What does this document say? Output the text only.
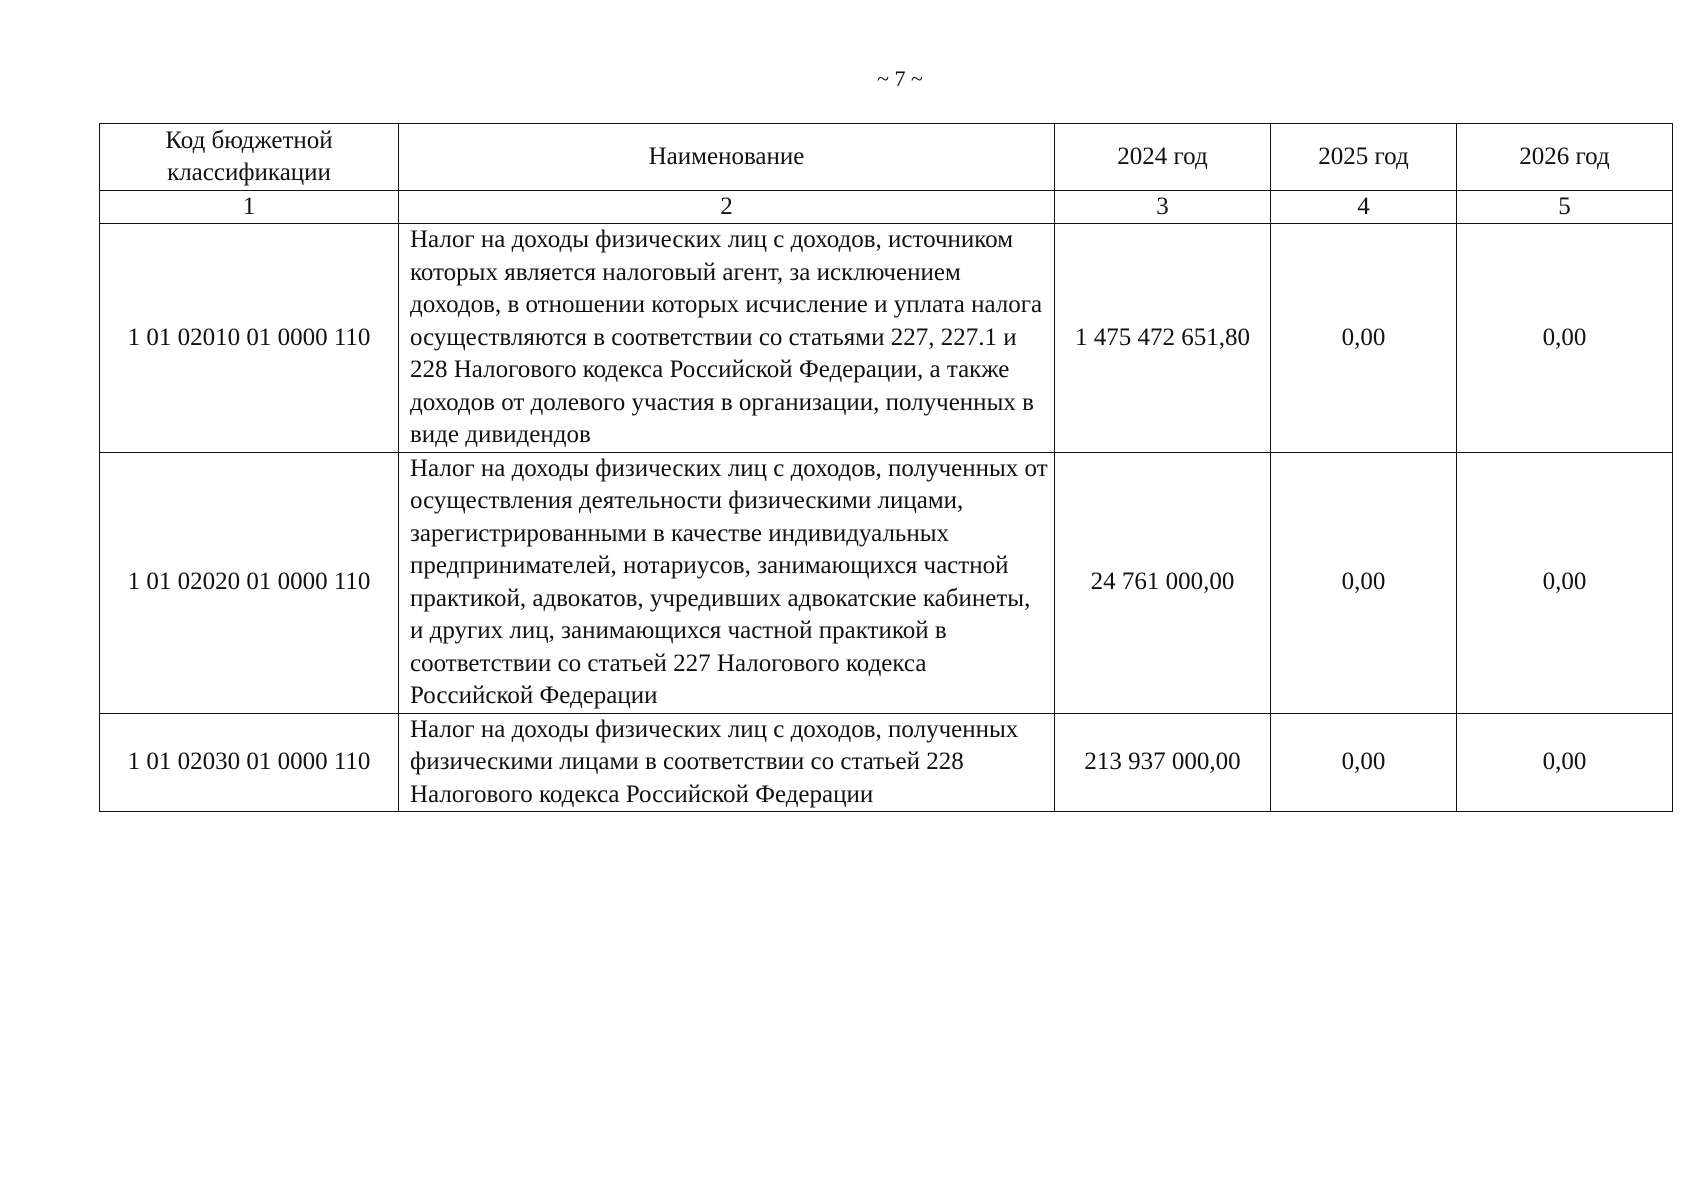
~ 7 ~
Код бюджетной классификации	Наименование	2024 год	2025 год	2026 год
1	2	3	4	5
1 01 02010 01 0000 110	Налог на доходы физических лиц с доходов, источником которых является налоговый агент, за исключением доходов, в отношении которых исчисление и уплата налога осуществляются в соответствии со статьями 227, 227.1 и 228 Налогового кодекса Российской Федерации, а также доходов от долевого участия в организации, полученных в виде дивидендов	1 475 472 651,80	0,00	0,00
1 01 02020 01 0000 110	Налог на доходы физических лиц с доходов, полученных от осуществления деятельности физическими лицами, зарегистрированными в качестве индивидуальных предпринимателей, нотариусов, занимающихся частной практикой, адвокатов, учредивших адвокатские кабинеты, и других лиц, занимающихся частной практикой в соответствии со статьей 227 Налогового кодекса Российской Федерации	24 761 000,00	0,00	0,00
1 01 02030 01 0000 110	Налог на доходы физических лиц с доходов, полученных физическими лицами в соответствии со статьей 228 Налогового кодекса Российской Федерации	213 937 000,00	0,00	0,00
